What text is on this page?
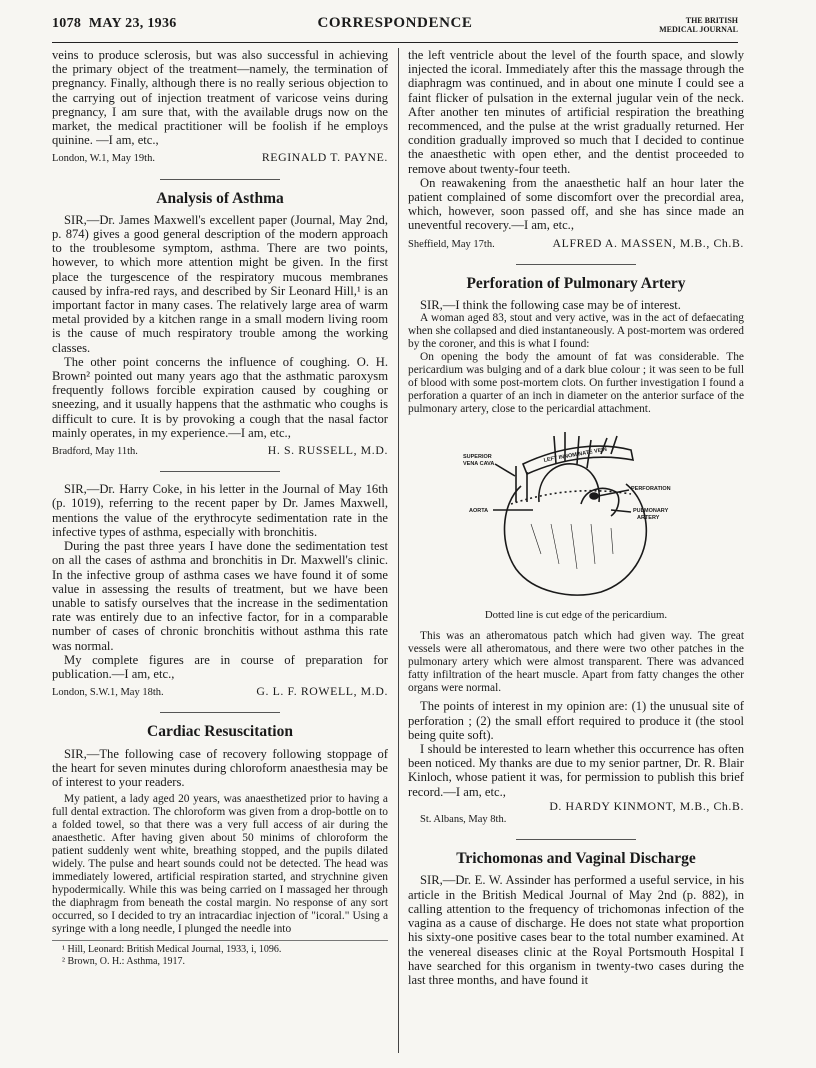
1078 MAY 23, 1936	CORRESPONDENCE	THE BRITISH
MEDICAL JOURNAL

veins to produce sclerosis, but was also successful in achieving the primary object of the treatment—namely, the termination of pregnancy. Finally, although there is no really serious objection to the carrying out of injection treatment of varicose veins during pregnancy, I am sure that, with the available drugs now on the market, the medical practitioner will be foolish if he employs quinine. —I am, etc.,

London, W.1, May 19th.	REGINALD T. PAYNE.
Analysis of Asthma

SIR,—Dr. James Maxwell's excellent paper (Journal, May 2nd, p. 874) gives a good general description of the modern approach to the troublesome symptom, asthma. There are two points, however, to which more attention might be given. In the first place the turgescence of the respiratory mucous membranes caused by infra-red rays, and described by Sir Leonard Hill,¹ is an important factor in many cases. The relatively large area of warm metal provided by a kitchen range in a small modern living room is the cause of much respiratory trouble among the working classes.

The other point concerns the influence of coughing. O. H. Brown² pointed out many years ago that the asthmatic paroxysm frequently follows forcible expiration caused by coughing or sneezing, and it usually happens that the asthmatic who coughs is difficult to cure. It is by provoking a cough that the nasal factor mainly operates, in my experience.—I am, etc.,

Bradford, May 11th.	H. S. RUSSELL, M.D.

SIR,—Dr. Harry Coke, in his letter in the Journal of May 16th (p. 1019), referring to the recent paper by Dr. James Maxwell, mentions the value of the erythrocyte sedimentation rate in the infective types of asthma, especially with bronchitis.

During the past three years I have done the sedimentation test on all the cases of asthma and bronchitis in Dr. Maxwell's clinic. In the infective group of asthma cases we have found it of some value in assessing the results of treatment, but we have been unable to satisfy ourselves that the increase in the sedimentation rate was entirely due to an infective factor, for in a comparable number of cases of chronic bronchitis without asthma this rate was normal.

My complete figures are in course of preparation for publication.—I am, etc.,

London, S.W.1, May 18th.	G. L. F. ROWELL, M.D.
Cardiac Resuscitation

SIR,—The following case of recovery following stoppage of the heart for seven minutes during chloroform anaesthesia may be of interest to your readers.

My patient, a lady aged 20 years, was anaesthetized prior to having a full dental extraction. The chloroform was given from a drop-bottle on to a folded towel, so that there was a very full access of air during the anaesthetic. After having given about 50 minims of chloroform the patient suddenly went white, breathing stopped, and the pupils dilated widely. The pulse and heart sounds could not be detected. The head was immediately lowered, artificial respiration started, and strychnine given hypodermically. While this was being carried on I massaged her through the diaphragm from beneath the costal margin. No response of any sort occurred, so I decided to try an intracardiac injection of "icoral." Using a syringe with a long needle, I plunged the needle into

¹ Hill, Leonard: British Medical Journal, 1933, i, 1096.
² Brown, O. H.: Asthma, 1917.

the left ventricle about the level of the fourth space, and slowly injected the icoral. Immediately after this the massage through the diaphragm was continued, and in about one minute I could see a faint flicker of pulsation in the external jugular vein of the neck. After another ten minutes of artificial respiration the breathing recommenced, and the pulse at the wrist gradually returned. Her condition gradually improved so much that I decided to continue the anaesthetic with open ether, and the dentist proceeded to remove about twenty-four teeth.

On reawakening from the anaesthetic half an hour later the patient complained of some discomfort over the precordial area, which, however, soon passed off, and she has since made an uneventful recovery.—I am, etc.,

Sheffield, May 17th.	ALFRED A. MASSEN, M.B., Ch.B.
Perforation of Pulmonary Artery

SIR,—I think the following case may be of interest.

A woman aged 83, stout and very active, was in the act of defaecating when she collapsed and died instantaneously. A post-mortem was ordered by the coroner, and this is what I found:

On opening the body the amount of fat was considerable. The pericardium was bulging and of a dark blue colour ; it was seen to be full of blood with some post-mortem clots. On further investigation I found a perforation a quarter of an inch in diameter on the anterior surface of the pulmonary artery, close to the pericardial attachment.

SUPERIOR
VENA CAVA
LEFT INNOMINATE VEIN
PERFORATION
AORTA	PULMONARY
ARTERY
Dotted line is cut edge of the pericardium.

This was an atheromatous patch which had given way. The great vessels were all atheromatous, and there were two other patches in the pulmonary artery which were almost transparent. There was advanced fatty infiltration of the heart muscle. Apart from fatty changes the other organs were normal.

The points of interest in my opinion are: (1) the unusual site of perforation ; (2) the small effort required to produce it (the stool being quite soft).

I should be interested to learn whether this occurrence has often been noticed. My thanks are due to my senior partner, Dr. R. Blair Kinloch, whose patient it was, for permission to publish this brief record.—I am, etc.,

D. HARDY KINMONT, M.B., Ch.B.
St. Albans, May 8th.
Trichomonas and Vaginal Discharge

SIR,—Dr. E. W. Assinder has performed a useful service, in his article in the British Medical Journal of May 2nd (p. 882), in calling attention to the frequency of trichomonas infection of the vagina as a cause of discharge. He does not state what proportion his sixty-one positive cases bear to the total number examined. At the venereal diseases clinic at the Royal Portsmouth Hospital I have searched for this organism in twenty-two cases during the last three months, and have found it
